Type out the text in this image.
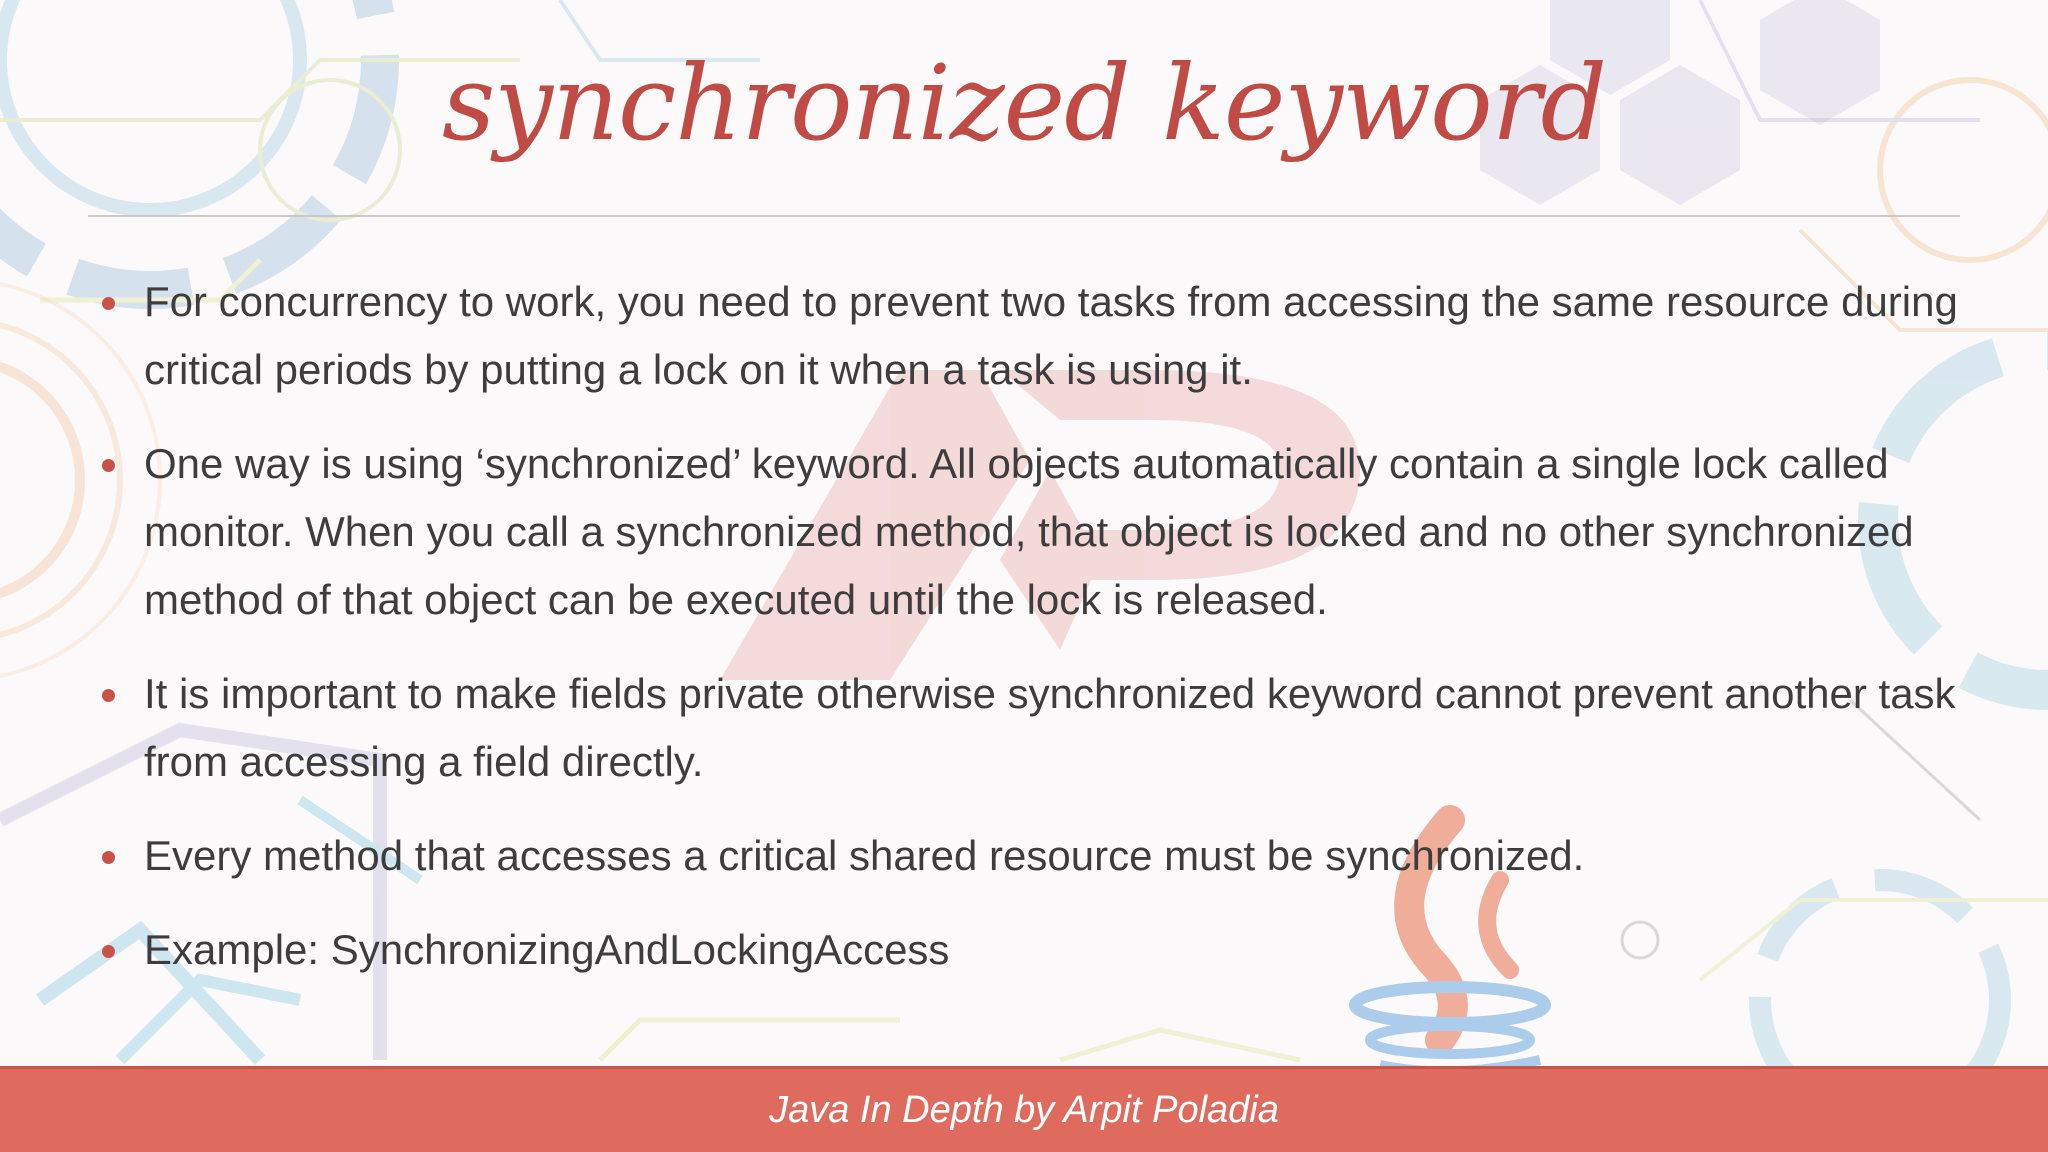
synchronized keyword
For concurrency to work, you need to prevent two tasks from accessing the same resource during critical periods by putting a lock on it when a task is using it.
One way is using ‘synchronized’ keyword. All objects automatically contain a single lock called monitor. When you call a synchronized method, that object is locked and no other synchronized method of that object can be executed until the lock is released.
It is important to make fields private otherwise synchronized keyword cannot prevent another task from accessing a field directly.
Every method that accesses a critical shared resource must be synchronized.
Example: SynchronizingAndLockingAccess
Java In Depth by Arpit Poladia
